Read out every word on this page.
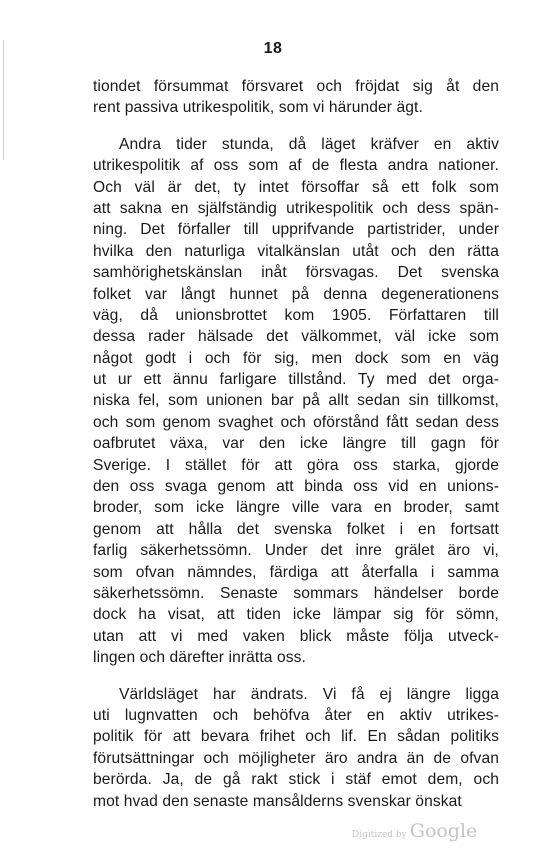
18
tiondet försummat försvaret och fröjdat sig åt den
rent passiva utrikespolitik, som vi härunder ägt.
Andra tider stunda, då läget kräfver en aktiv
utrikespolitik af oss som af de flesta andra nationer.
Och väl är det, ty intet försoffar så ett folk som
att sakna en själfständig utrikespolitik och dess spän-
ning. Det förfaller till upprifvande partistrider, under
hvilka den naturliga vitalkänslan utåt och den rätta
samhörighetskänslan inåt försvagas. Det svenska
folket var långt hunnet på denna degenerationens
väg, då unionsbrottet kom 1905. Författaren till
dessa rader hälsade det välkommet, väl icke som
något godt i och för sig, men dock som en väg
ut ur ett ännu farligare tillstånd. Ty med det orga-
niska fel, som unionen bar på allt sedan sin tillkomst,
och som genom svaghet och oförstånd fått sedan dess
oafbrutet växa, var den icke längre till gagn för
Sverige. I stället för att göra oss starka, gjorde
den oss svaga genom att binda oss vid en unions-
broder, som icke längre ville vara en broder, samt
genom att hålla det svenska folket i en fortsatt
farlig säkerhetssömn. Under det inre grälet äro vi,
som ofvan nämndes, färdiga att återfalla i samma
säkerhetssömn. Senaste sommars händelser borde
dock ha visat, att tiden icke lämpar sig för sömn,
utan att vi med vaken blick måste följa utveck-
lingen och därefter inrätta oss.
Världsläget har ändrats. Vi få ej längre ligga
uti lugnvatten och behöfva åter en aktiv utrikes-
politik för att bevara frihet och lif. En sådan politiks
förutsättningar och möjligheter äro andra än de ofvan
berörda. Ja, de gå rakt stick i stäf emot dem, och
mot hvad den senaste mansålderns svenskar önskat
Digitized by Google
